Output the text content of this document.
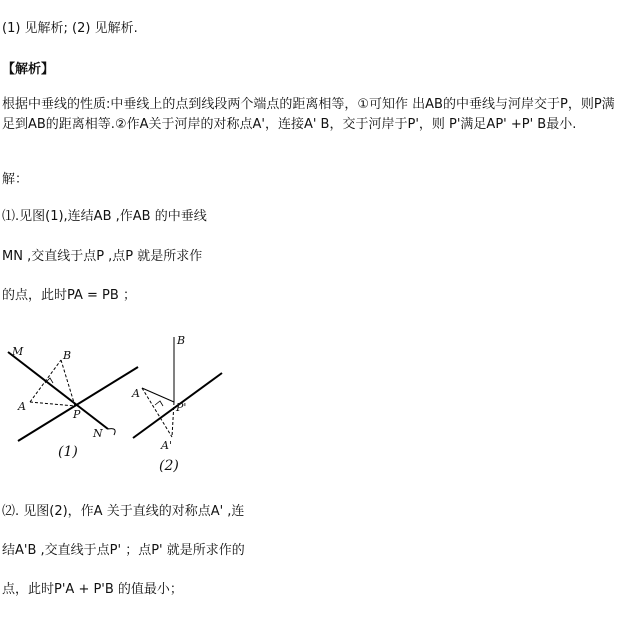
(1) 见解析; (2) 见解析.
【解析】
根据中垂线的性质:中垂线上的点到线段两个端点的距离相等，①可知作 出AB的中垂线与河岸交于P，则P满足到AB的距离相等.②作A关于河岸的对称点A'，连接A' B，交于河岸于P'，则 P'满足AP' +P' B最小.
解：
⑴.见图(1),连结AB ,作AB 的中垂线
MN ,交直线于点P ,点P 就是所求作
的点，此时PA = PB ；
M	B
A
P
N
(1)
B
A
P'
A'
(2)
⑵. 见图(2)，作A 关于直线的对称点A' ,连
结A'B ,交直线于点P' ；点P' 就是所求作的
点，此时P'A + P'B 的值最小；
